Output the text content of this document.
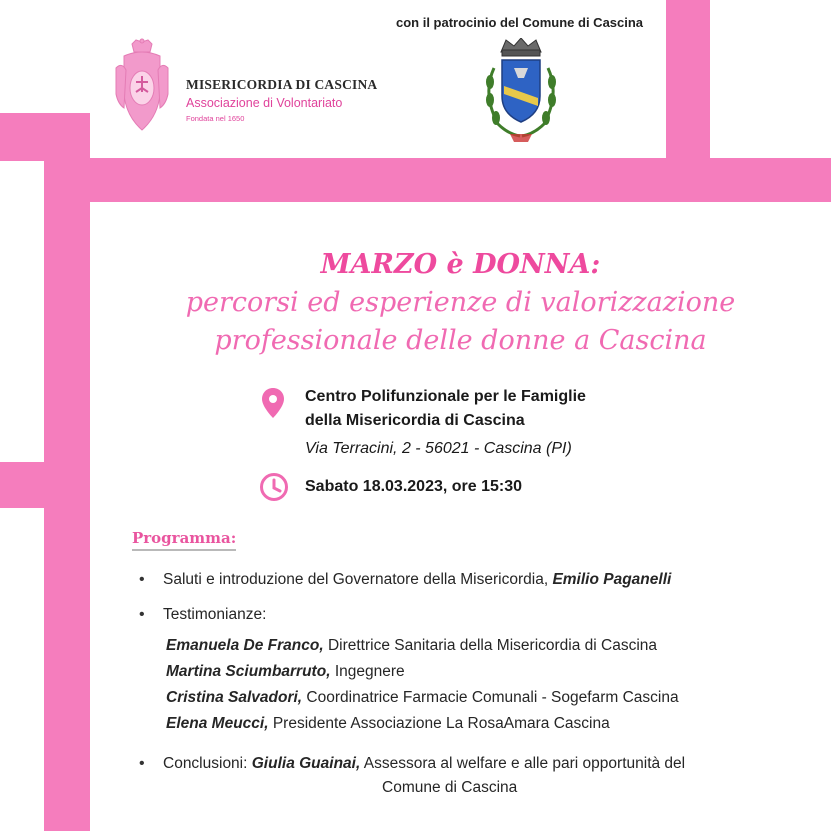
con il patrocinio del Comune di Cascina
MISERICORDIA DI CASCINA
Associazione di Volontariato
Fondata nel 1650
MARZO è DONNA:
percorsi ed esperienze di valorizzazione
professionale delle donne a Cascina
Centro Polifunzionale per le Famiglie
della Misericordia di Cascina
Via Terracini, 2 - 56021 - Cascina (PI)
Sabato 18.03.2023, ore 15:30
Programma:
• Saluti e introduzione del Governatore della Misericordia, Emilio Paganelli
• Testimonianze:
Emanuela De Franco, Direttrice Sanitaria della Misericordia di Cascina
Martina Sciumbarruto, Ingegnere
Cristina Salvadori, Coordinatrice Farmacie Comunali - Sogefarm Cascina
Elena Meucci, Presidente Associazione La RosaAmara Cascina
• Conclusioni: Giulia Guainai, Assessora al welfare e alle pari opportunità del
Comune di Cascina
